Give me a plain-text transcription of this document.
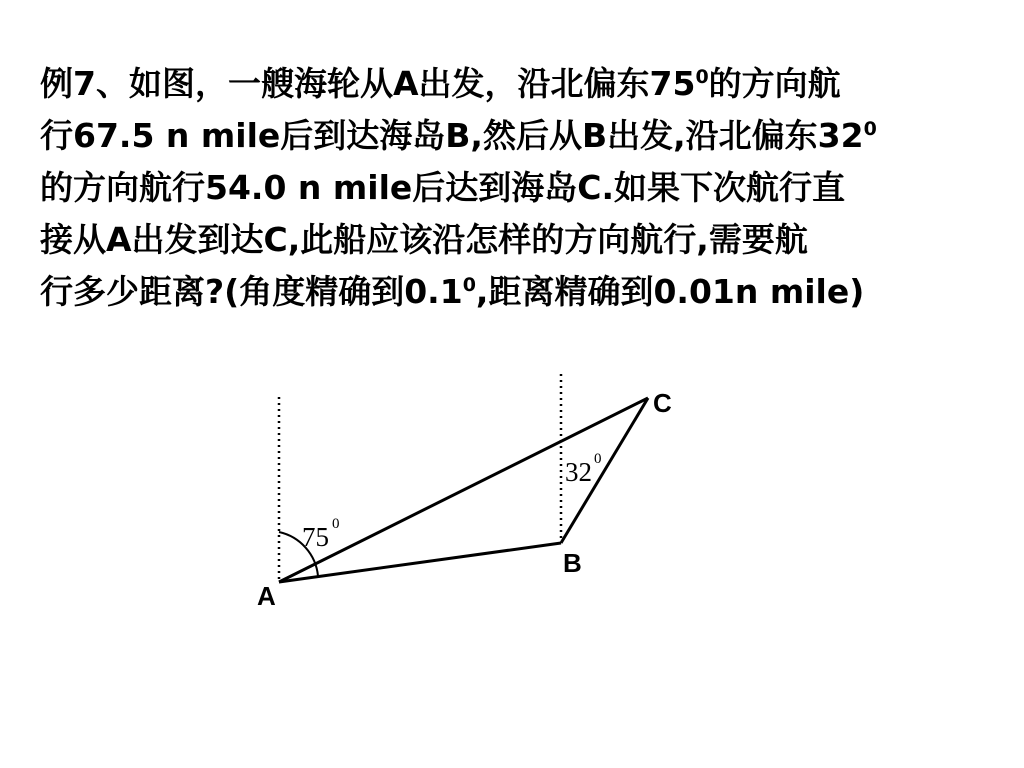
例7、如图，一艘海轮从A出发，沿北偏东$75^0$的方向航
行67.5 n mile后到达海岛B,然后从B出发,沿北偏东$32^0$
的方向航行54.0 n mile后达到海岛C.如果下次航行直
接从A出发到达C,此船应该沿怎样的方向航行,需要航
行多少距离?(角度精确到$0.1^0$,距离精确到0.01n mile)
75 0
32 0
A
B
C
